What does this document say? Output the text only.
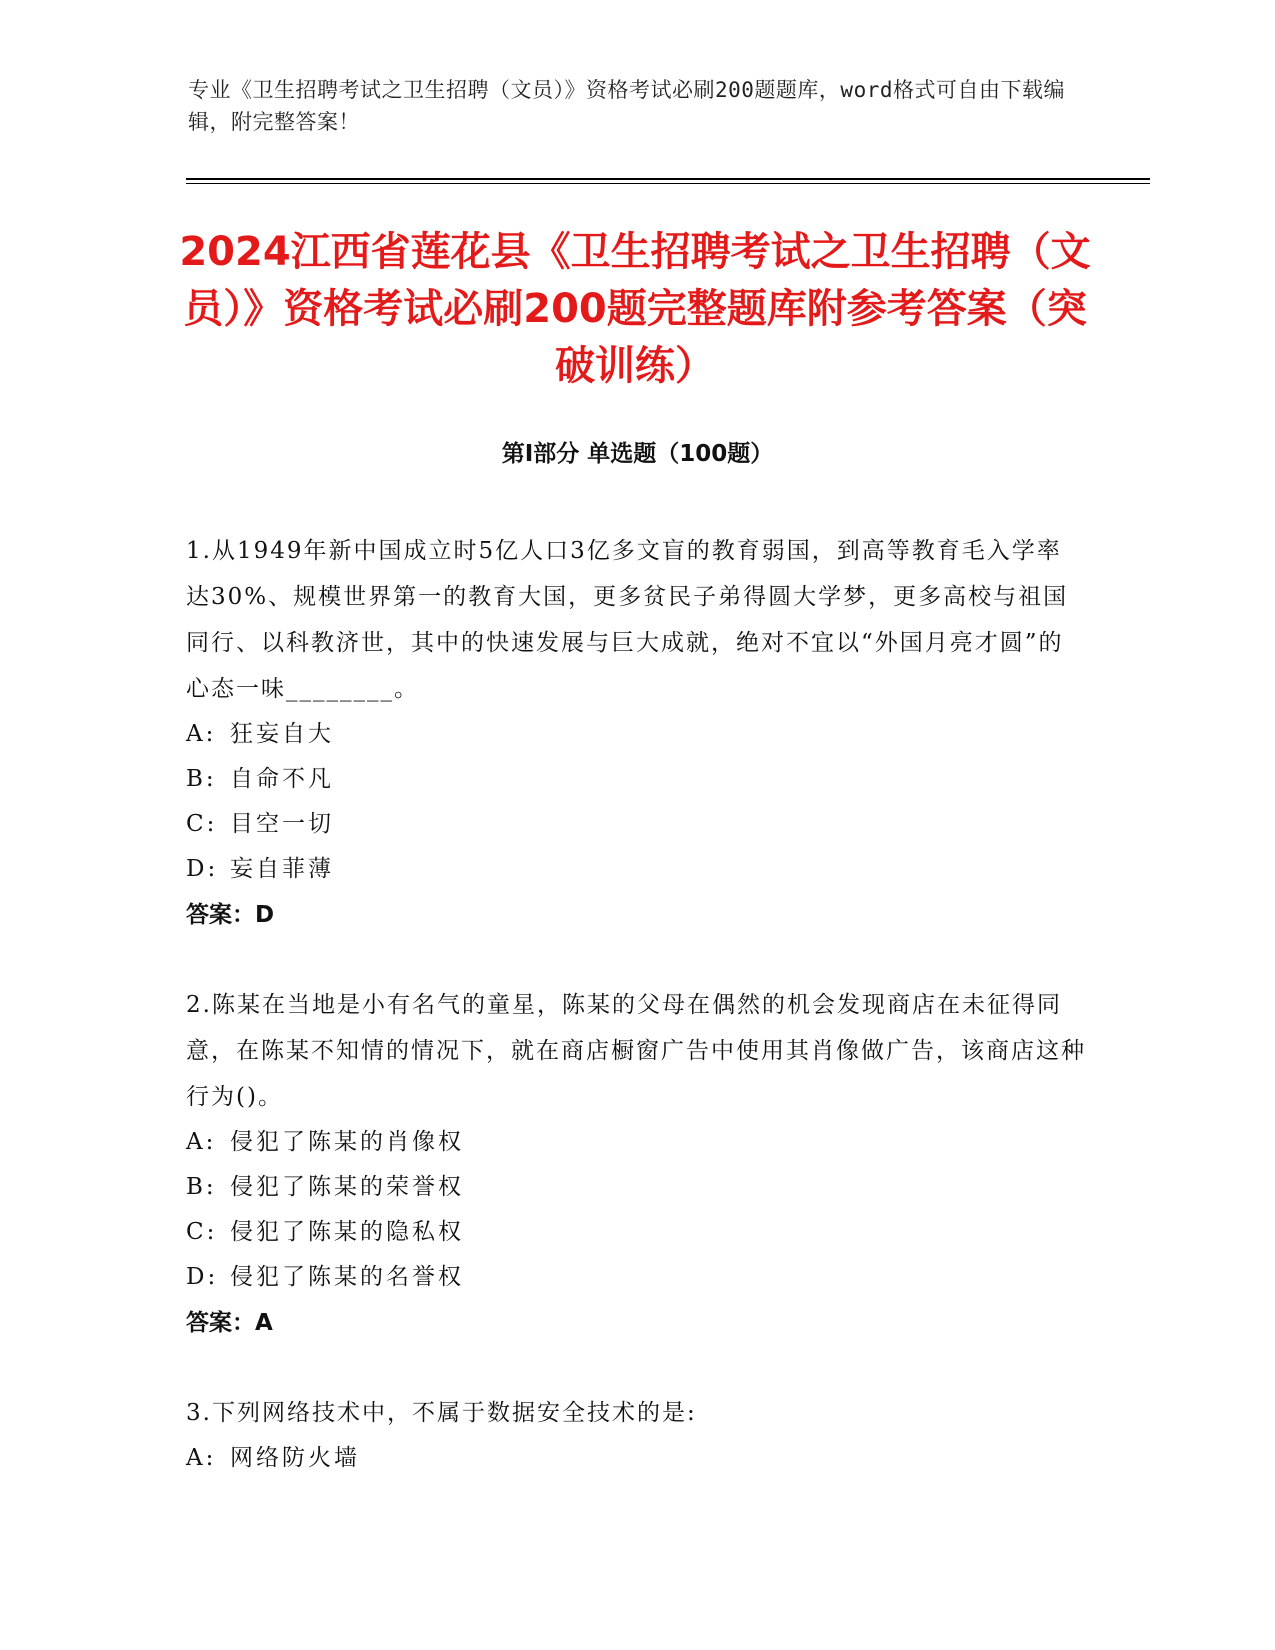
专业《卫生招聘考试之卫生招聘（文员）》资格考试必刷200题题库，word格式可自由下载编辑，附完整答案！
2024江西省莲花县《卫生招聘考试之卫生招聘（文员）》资格考试必刷200题完整题库附参考答案（突破训练）
第Ⅰ部分 单选题（100题）

1.从1949年新中国成立时5亿人口3亿多文盲的教育弱国，到高等教育毛入学率达30%、规模世界第一的教育大国，更多贫民子弟得圆大学梦，更多高校与祖国同行、以科教济世，其中的快速发展与巨大成就，绝对不宜以“外国月亮才圆”的心态一味________。

A: 狂妄自大

B: 自命不凡

C: 目空一切

D: 妄自菲薄

答案：D

2.陈某在当地是小有名气的童星，陈某的父母在偶然的机会发现商店在未征得同意，在陈某不知情的情况下，就在商店橱窗广告中使用其肖像做广告，该商店这种行为()。

A: 侵犯了陈某的肖像权

B: 侵犯了陈某的荣誉权

C: 侵犯了陈某的隐私权

D: 侵犯了陈某的名誉权

答案：A

3.下列网络技术中，不属于数据安全技术的是:

A: 网络防火墙
